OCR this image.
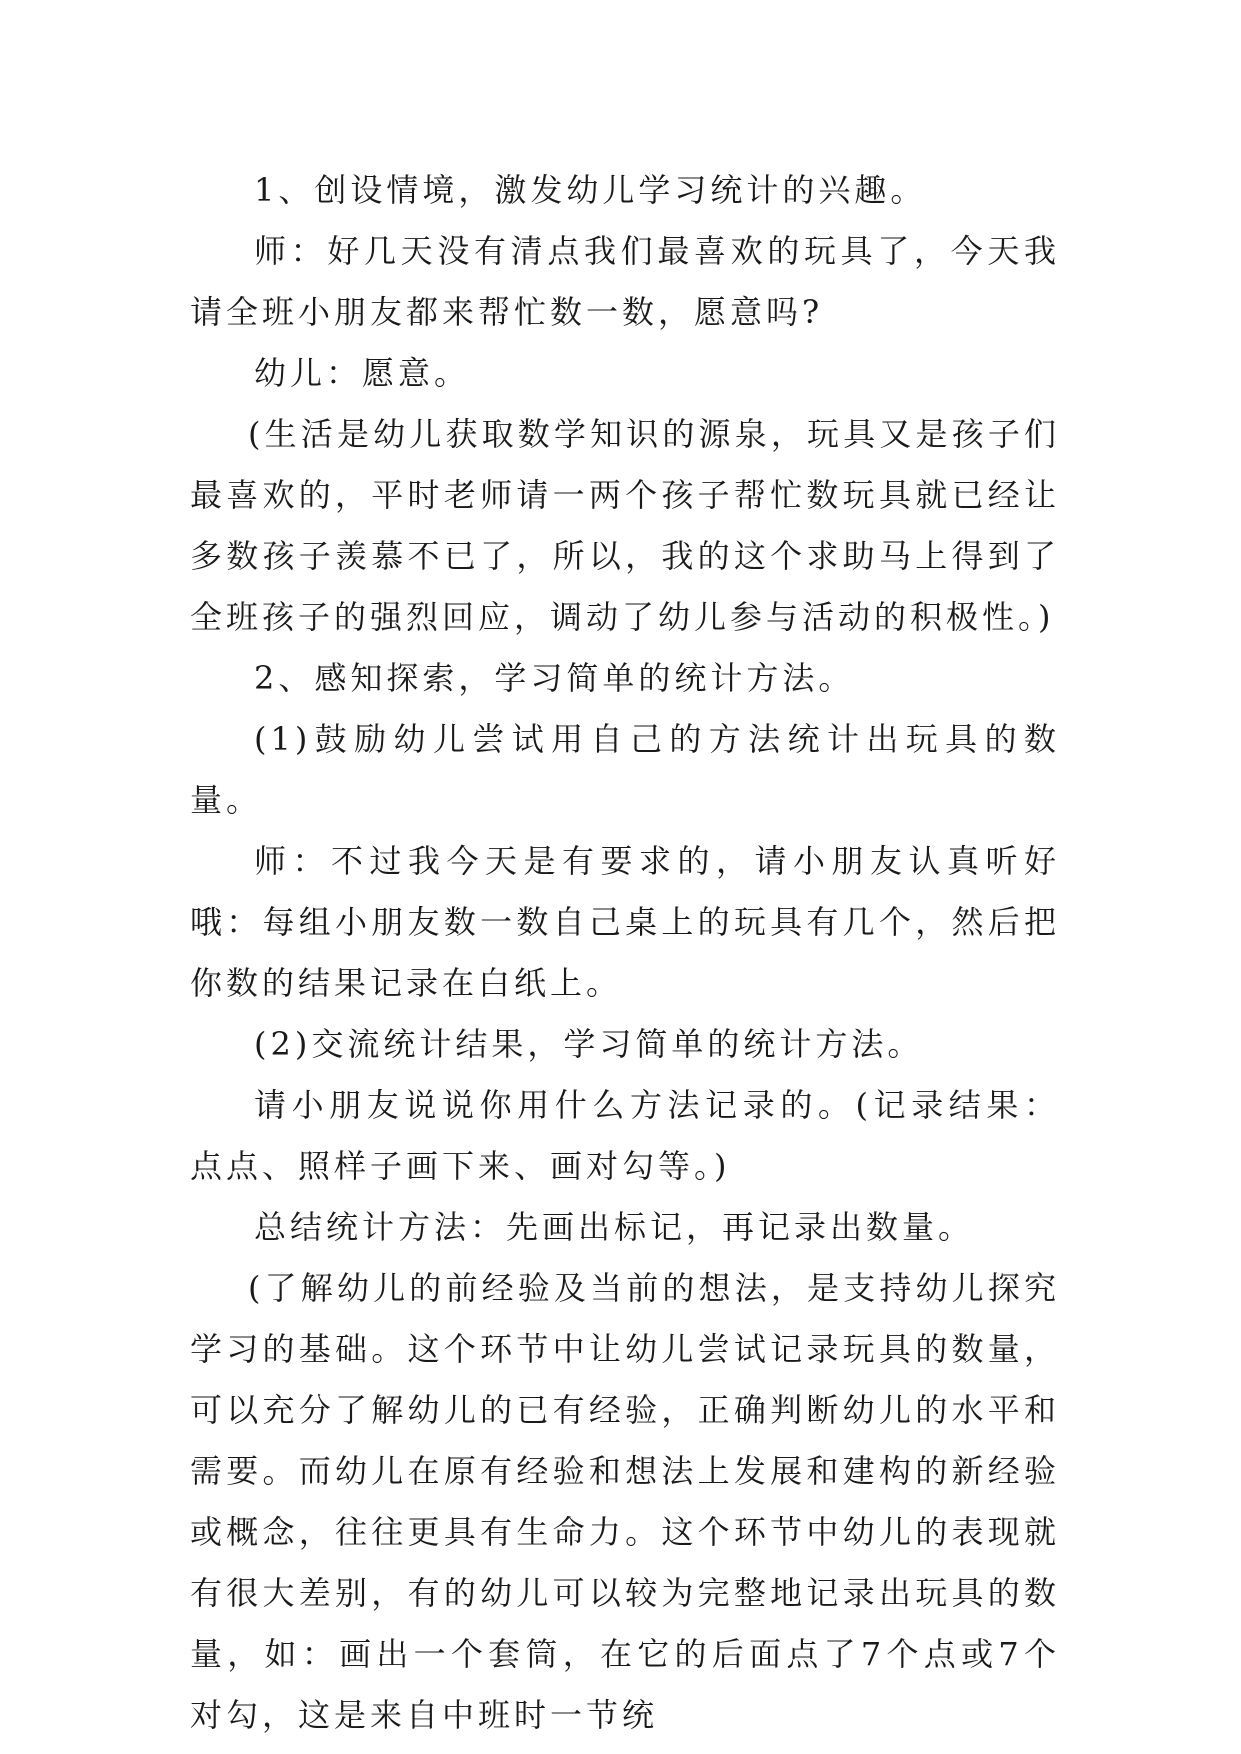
1、创设情境，激发幼儿学习统计的兴趣。

师：好几天没有清点我们最喜欢的玩具了，今天我请全班小朋友都来帮忙数一数，愿意吗?

幼儿：愿意。

(生活是幼儿获取数学知识的源泉，玩具又是孩子们最喜欢的，平时老师请一两个孩子帮忙数玩具就已经让多数孩子羡慕不已了，所以，我的这个求助马上得到了全班孩子的强烈回应，调动了幼儿参与活动的积极性。)

2、感知探索，学习简单的统计方法。

(1)鼓励幼儿尝试用自己的方法统计出玩具的数量。

师：不过我今天是有要求的，请小朋友认真听好哦：每组小朋友数一数自己桌上的玩具有几个，然后把你数的结果记录在白纸上。

(2)交流统计结果，学习简单的统计方法。

请小朋友说说你用什么方法记录的。(记录结果：点点、照样子画下来、画对勾等。)

总结统计方法：先画出标记，再记录出数量。

(了解幼儿的前经验及当前的想法，是支持幼儿探究学习的基础。这个环节中让幼儿尝试记录玩具的数量，可以充分了解幼儿的已有经验，正确判断幼儿的水平和需要。而幼儿在原有经验和想法上发展和建构的新经验或概念，往往更具有生命力。这个环节中幼儿的表现就有很大差别，有的幼儿可以较为完整地记录出玩具的数量，如：画出一个套筒，在它的后面点了7个点或7个对勾，这是来自中班时一节统
